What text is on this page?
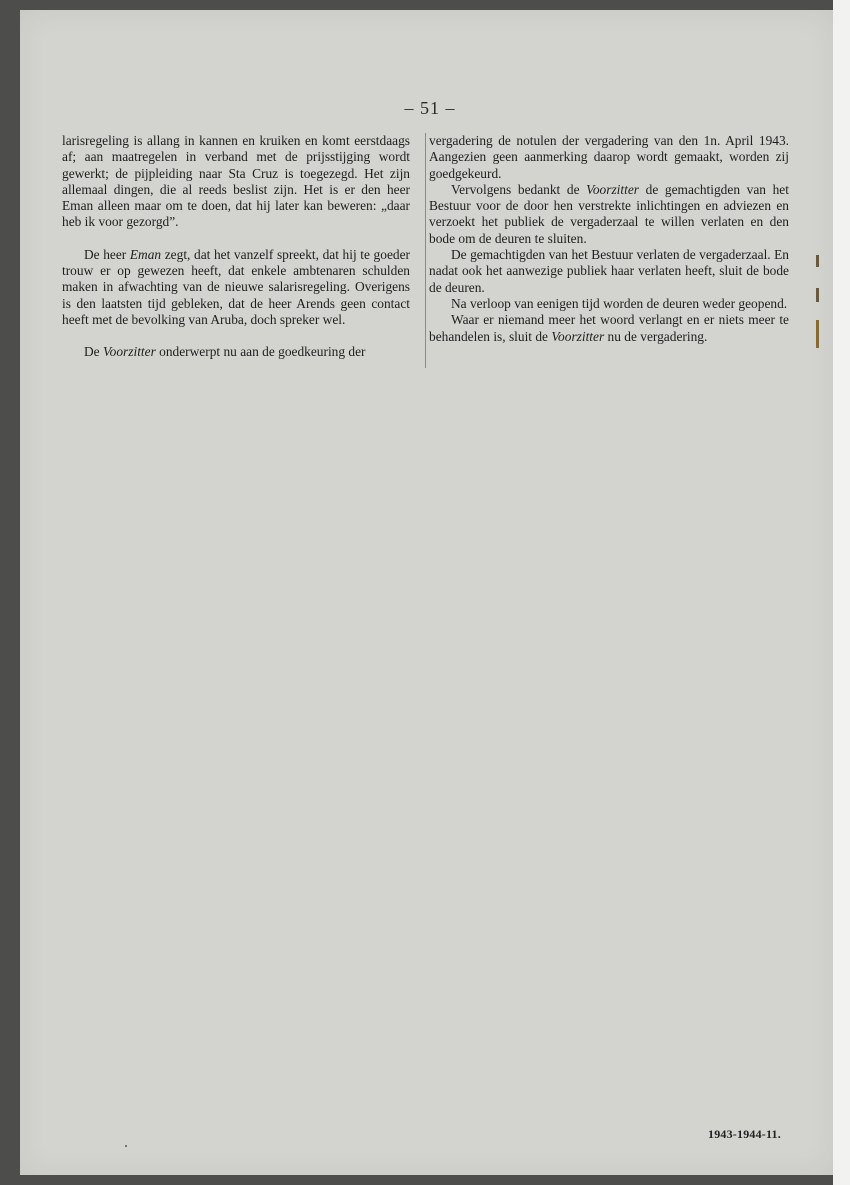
– 51 –

larisregeling is allang in kannen en kruiken en komt eerstdaags af; aan maatregelen in verband met de prijsstijging wordt gewerkt; de pijpleiding naar Sta Cruz is toegezegd. Het zijn allemaal dingen, die al reeds beslist zijn. Het is er den heer Eman alleen maar om te doen, dat hij later kan beweren: „daar heb ik voor gezorgd”.

De heer Eman zegt, dat het vanzelf spreekt, dat hij te goeder trouw er op gewezen heeft, dat enkele ambtenaren schulden maken in afwachting van de nieuwe salarisregeling. Overigens is den laatsten tijd gebleken, dat de heer Arends geen contact heeft met de bevolking van Aruba, doch spreker wel.

De Voorzitter onderwerpt nu aan de goedkeuring der

vergadering de notulen der vergadering van den 1n. April 1943. Aangezien geen aanmerking daarop wordt gemaakt, worden zij goedgekeurd.

Vervolgens bedankt de Voorzitter de gemachtigden van het Bestuur voor de door hen verstrekte inlichtingen en adviezen en verzoekt het publiek de vergaderzaal te willen verlaten en den bode om de deuren te sluiten.

De gemachtigden van het Bestuur verlaten de vergaderzaal. En nadat ook het aanwezige publiek haar verlaten heeft, sluit de bode de deuren.

Na verloop van eenigen tijd worden de deuren weder geopend.

Waar er niemand meer het woord verlangt en er niets meer te behandelen is, sluit de Voorzitter nu de vergadering.

1943-1944-11.
